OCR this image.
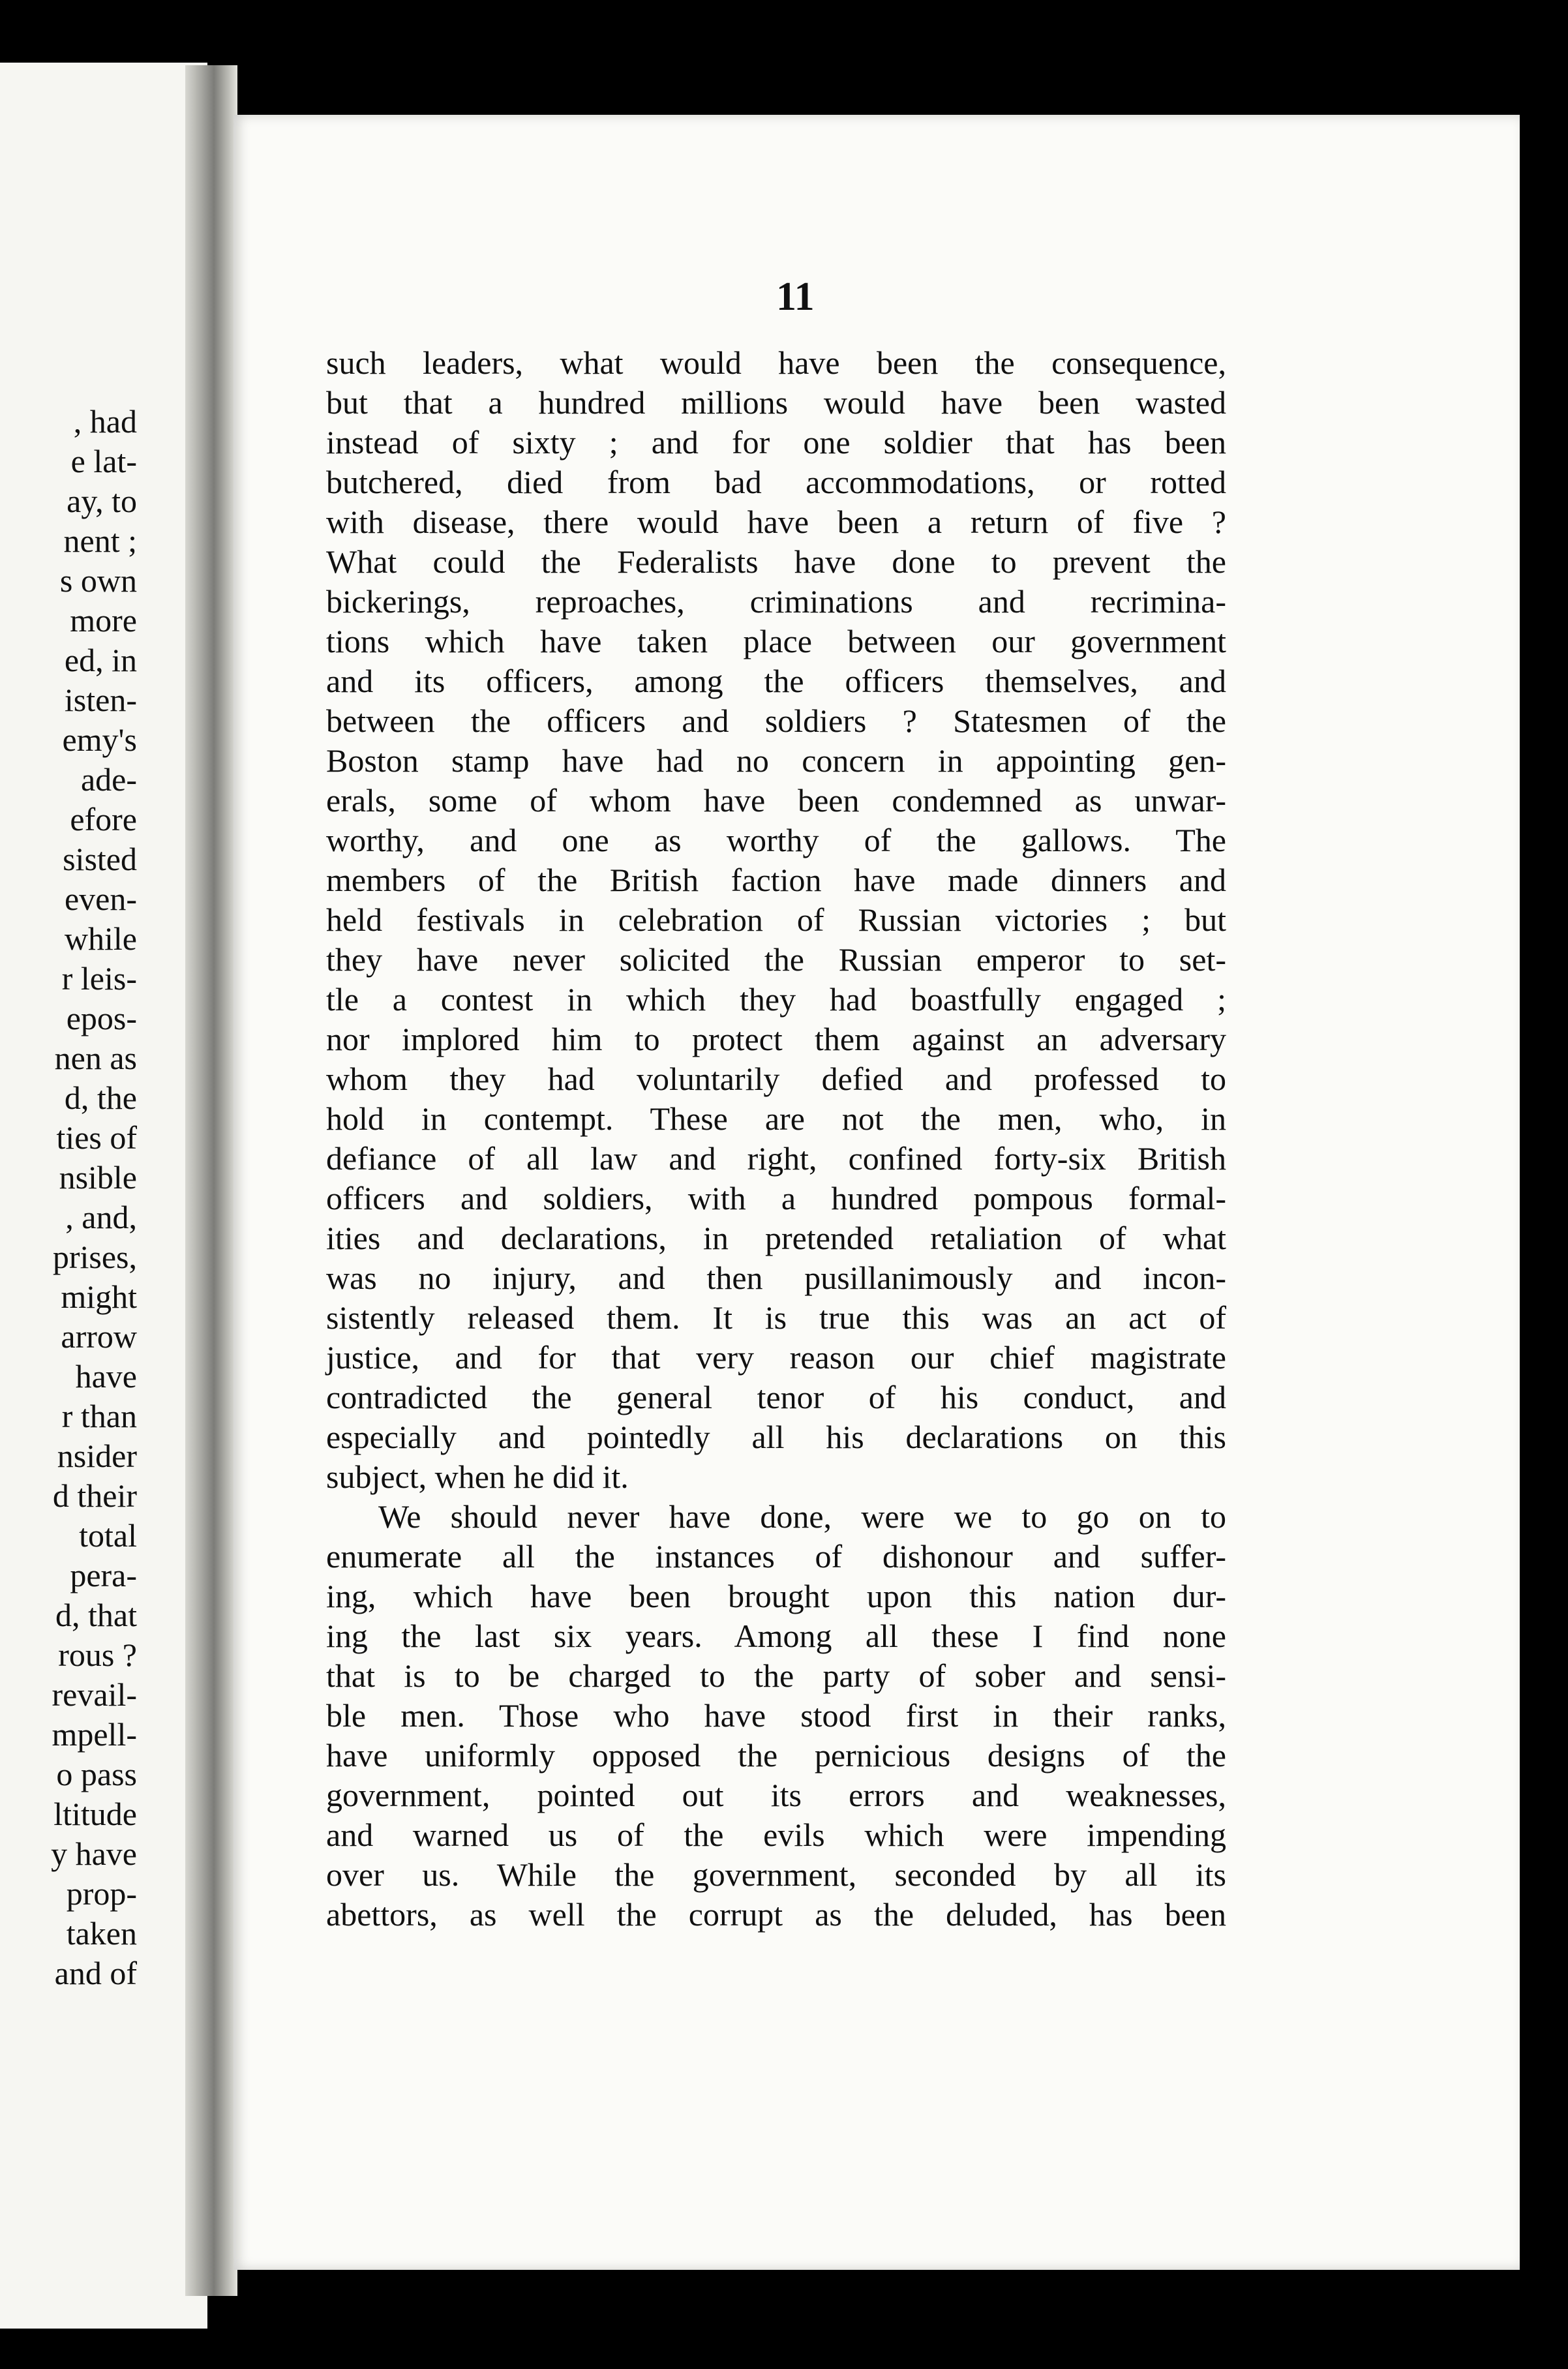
, had
e lat-
ay, to
nent ;
s own
more
ed, in
isten-
emy's
ade-
efore
sisted
even-
while
r leis-
epos-
nen as
d, the
ties of
nsible
, and,
prises,
might
arrow
have
r than
nsider
d their
total
pera-
d, that
rous ?
revail-
mpell-
o pass
ltitude
y have
prop-
taken
and of
11
such leaders, what would have been the consequence,
but that a hundred millions would have been wasted
instead of sixty ; and for one soldier that has been
butchered, died from bad accommodations, or rotted
with disease, there would have been a return of five ?
What could the Federalists have done to prevent the
bickerings, reproaches, criminations and recrimina-
tions which have taken place between our government
and its officers, among the officers themselves, and
between the officers and soldiers ? Statesmen of the
Boston stamp have had no concern in appointing gen-
erals, some of whom have been condemned as unwar-
worthy, and one as worthy of the gallows. The
members of the British faction have made dinners and
held festivals in celebration of Russian victories ; but
they have never solicited the Russian emperor to set-
tle a contest in which they had boastfully engaged ;
nor implored him to protect them against an adversary
whom they had voluntarily defied and professed to
hold in contempt. These are not the men, who, in
defiance of all law and right, confined forty-six British
officers and soldiers, with a hundred pompous formal-
ities and declarations, in pretended retaliation of what
was no injury, and then pusillanimously and incon-
sistently released them. It is true this was an act of
justice, and for that very reason our chief magistrate
contradicted the general tenor of his conduct, and
especially and pointedly all his declarations on this
subject, when he did it.
We should never have done, were we to go on to
enumerate all the instances of dishonour and suffer-
ing, which have been brought upon this nation dur-
ing the last six years. Among all these I find none
that is to be charged to the party of sober and sensi-
ble men. Those who have stood first in their ranks,
have uniformly opposed the pernicious designs of the
government, pointed out its errors and weaknesses,
and warned us of the evils which were impending
over us. While the government, seconded by all its
abettors, as well the corrupt as the deluded, has been
